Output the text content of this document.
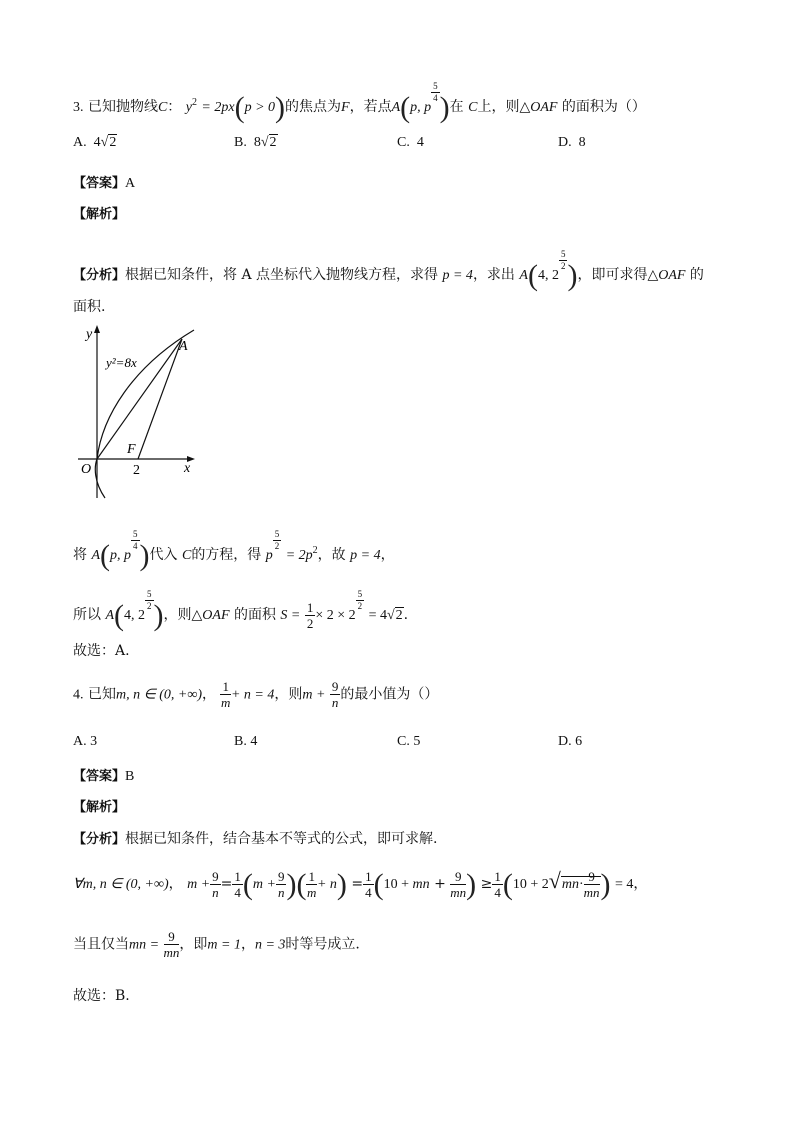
3. 已知抛物线C： $y^2 = 2px(p > 0)$的焦点为F，若点A(p, p
$\frac{5}{4}$ )在 C上，则△OAF 的面积为（）
A. 4√2	B. 8√2	C. 4	D. 8
【答案】A
【解析】
【分析】根据已知条件，将 A 点坐标代入抛物线方程，求得 p = 4，求出 A(4, 2
$\frac{5}{2}$ )，即可求得△OAF 的
面积.
y
x
y²=8x
A
F
O	2
将 A(p, p
$\frac{5}{4}$ )代入 C的方程，得 p
$\frac{5}{2}$
= $2p^2$，故 p = 4，
所以 A(4, 2
$\frac{5}{2}$ )，则△OAF 的面积 $S = \frac{1}{2} \times 2 \times 2$
$\frac{5}{2}$
= 4√2.
故选：A.
4. 已知m, n ∈ (0, +∞)， $\frac{1}{m} + n = 4$，则$m + \frac{9}{n}$ 的最小值为（）
A. 3	B. 4	C. 5	D. 6
【答案】B
【解析】
【分析】根据已知条件，结合基本不等式的公式，即可求解.
∀m, n ∈ (0, +∞)， $m + \frac{9}{n} = \frac{1}{4} (m + \frac{9}{n}$ )( $\frac{1}{m} + n) = \frac{1}{4} (10$ + mn + $\frac{9}{mn}$ ) ≥ $\frac{1}{4} (10 + 2√mn\cdot \frac{9}{mn}$ ) = 4，
当且仅当mn = $\frac{9}{mn}$ ，即m = 1，n = 3时等号成立.
故选：B.
